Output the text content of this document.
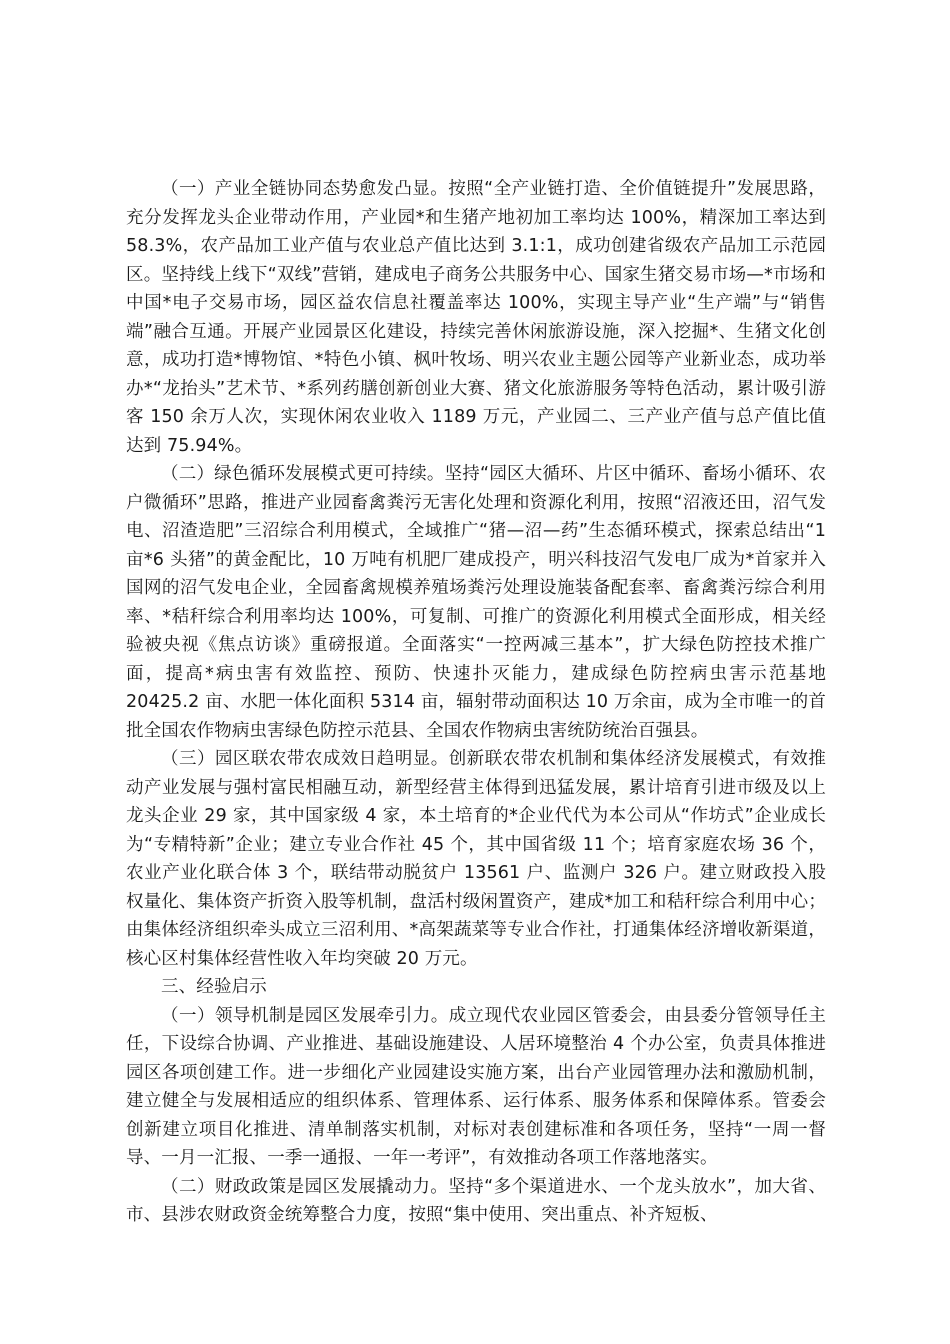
（一）产业全链协同态势愈发凸显。按照“全产业链打造、全价值链提升”发展思路，充分发挥龙头企业带动作用，产业园*和生猪产地初加工率均达 100%，精深加工率达到 58.3%，农产品加工业产值与农业总产值比达到 3.1:1，成功创建省级农产品加工示范园区。坚持线上线下“双线”营销，建成电子商务公共服务中心、国家生猪交易市场—*市场和中国*电子交易市场，园区益农信息社覆盖率达 100%，实现主导产业“生产端”与“销售端”融合互通。开展产业园景区化建设，持续完善休闲旅游设施，深入挖掘*、生猪文化创意，成功打造*博物馆、*特色小镇、枫叶牧场、明兴农业主题公园等产业新业态，成功举办*“龙抬头”艺术节、*系列药膳创新创业大赛、猪文化旅游服务等特色活动，累计吸引游客 150 余万人次，实现休闲农业收入 1189 万元，产业园二、三产业产值与总产值比值达到 75.94%。

（二）绿色循环发展模式更可持续。坚持“园区大循环、片区中循环、畜场小循环、农户微循环”思路，推进产业园畜禽粪污无害化处理和资源化利用，按照“沼液还田，沼气发电、沼渣造肥”三沼综合利用模式，全域推广“猪—沼—药”生态循环模式，探索总结出“1 亩*6 头猪”的黄金配比，10 万吨有机肥厂建成投产，明兴科技沼气发电厂成为*首家并入国网的沼气发电企业，全园畜禽规模养殖场粪污处理设施装备配套率、畜禽粪污综合利用率、*秸秆综合利用率均达 100%，可复制、可推广的资源化利用模式全面形成，相关经验被央视《焦点访谈》重磅报道。全面落实“一控两减三基本”，扩大绿色防控技术推广面，提高*病虫害有效监控、预防、快速扑灭能力，建成绿色防控病虫害示范基地 20425.2 亩、水肥一体化面积 5314 亩，辐射带动面积达 10 万余亩，成为全市唯一的首批全国农作物病虫害绿色防控示范县、全国农作物病虫害统防统治百强县。

（三）园区联农带农成效日趋明显。创新联农带农机制和集体经济发展模式，有效推动产业发展与强村富民相融互动，新型经营主体得到迅猛发展，累计培育引进市级及以上龙头企业 29 家，其中国家级 4 家，本土培育的*企业代代为本公司从“作坊式”企业成长为“专精特新”企业；建立专业合作社 45 个，其中国省级 11 个；培育家庭农场 36 个，农业产业化联合体 3 个，联结带动脱贫户 13561 户、监测户 326 户。建立财政投入股权量化、集体资产折资入股等机制，盘活村级闲置资产，建成*加工和秸秆综合利用中心；由集体经济组织牵头成立三沼利用、*高架蔬菜等专业合作社，打通集体经济增收新渠道，核心区村集体经营性收入年均突破 20 万元。

三、经验启示

（一）领导机制是园区发展牵引力。成立现代农业园区管委会，由县委分管领导任主任，下设综合协调、产业推进、基础设施建设、人居环境整治 4 个办公室，负责具体推进园区各项创建工作。进一步细化产业园建设实施方案，出台产业园管理办法和激励机制，建立健全与发展相适应的组织体系、管理体系、运行体系、服务体系和保障体系。管委会创新建立项目化推进、清单制落实机制，对标对表创建标准和各项任务，坚持“一周一督导、一月一汇报、一季一通报、一年一考评”，有效推动各项工作落地落实。

（二）财政政策是园区发展撬动力。坚持“多个渠道进水、一个龙头放水”，加大省、市、县涉农财政资金统筹整合力度，按照“集中使用、突出重点、补齐短板、
